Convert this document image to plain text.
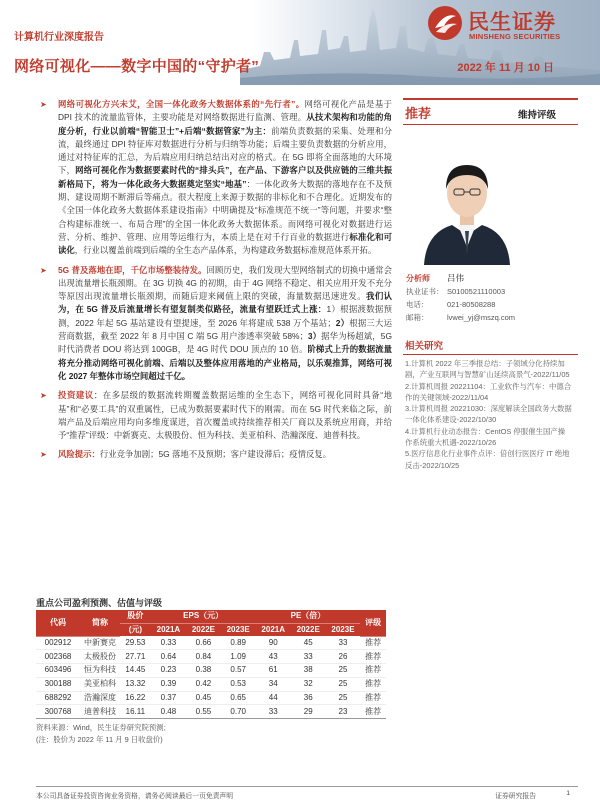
计算机行业深度报告
网络可视化——数字中国的“守护者”	2022 年 11 月 10 日
民生证券
MINSHENG SECURITIES
➤ 网络可视化方兴未艾，全国一体化政务大数据体系的“先行者”。网络可视化产品是基于 DPI 技术的流量监管体，主要功能是对网络数据进行监测、管理。从技术架构和功能的角度分析，行业以前端“智能卫士”+后端“数据管家”为主：前端负责数据的采集、处理和分流，最终通过 DPI 特征库对数据进行分析与归纳等功能；后端主要负责数据的分析应用，通过对特征库的汇总，为后端应用归纳总结出对应的格式。在 5G 即将全面落地的大环境下，网络可视化作为数据要素时代的“排头兵”，在产品、下游客户以及供应链的三维共振新格局下，将为一体化政务大数据奠定坚实“地基”：一体化政务大数据的落地存在不及预期、建设周期不断滞后等痛点。很大程度上来源于数据的非标化和不合理化。近期发布的《全国一体化政务大数据体系建设指南》中明确提及“标准规范不统一”等问题，并要求“整合构建标准统一、布局合理”的全国一体化政务大数据体系。而网络可视化对数据进行运营、分析、维护、管理、应用等运维行为，本质上是在对千行百业的数据进行标准化和可读化，行业以覆盖前端到后端的全生态产品体系，为构建政务数据标准规范体系开拓。
➤ 5G 普及落地在即，千亿市场整装待发。回顾历史，我们发现大型网络制式的切换中通常会出现流量增长瓶颈期。在 3G 切换 4G 的初期，由于 4G 网络不稳定、相关应用开发不充分等原因出现流量增长瓶颈期，而随后迎来阈值上限的突破，海量数据迅速迸发。我们认为，在 5G 普及后流量增长有望复制类似路径，流量有望跃迁式上涨：1）根据渡数据预测，2022 年起 5G 基站建设有望提速，至 2026 年将建成 538 万个基站；2）根据三大运营商数据，截至 2022 年 8 月中国 C 端 5G 用户渗透率突破 58%；3）据华为杨超斌，5G 时代消费者 DOU 将达到 100GB，是 4G 时代 DOU 顶点的 10 倍。阶梯式上升的数据流量将充分推动网络可视化前端、后端以及整体应用落地的产业格局，以乐观推算，网络可视化 2027 年整体市场空间超过千亿。
➤ 投资建议：在多层级的数据流转期覆盖数据运维的全生态下，网络可视化同时具备“地基”和“必要工具”的双重属性，已成为数据要素时代下的刚需。而在 5G 时代来临之际，前端产品及后端应用均向多维度谋进，首次覆盖或持续推荐相关厂商以及系统应用商，并给予“推荐”评级：中新赛克、太极股份、恒为科技、美亚柏科、浩瀚深度、迪普科技。
➤ 风险提示：行业竞争加剧；5G 落地不及预期；客户建设滞后；疫情反复。
推荐	维持评级
分析师 吕伟
执业证书： S0100521110003
电话： 021-80508288
邮箱： lvwei_yj@mszq.com
相关研究
1.计算机 2022 年三季报总结：子领域分化持续加剧，产业互联网与智慧矿山延续高景气-2022/11/05
2.计算机周报 20221104：工业软件与汽车：中德合作的关键领域-2022/11/04
3.计算机周报 20221030：深度解读全国政务大数据一体化体系建设-2022/10/30
4.计算机行业动态报告：CentOS 停服催生国产操作系统重大机遇-2022/10/26
5.医疗信息化行业事件点评：倍创行医医疗 IT 绝地反击-2022/10/25
重点公司盈利预测、估值与评级
代码	简称	股价	EPS（元）			PE（倍）			评级
		(元)	2021A	2022E	2023E	2021A	2022E	2023E	
002912	中新赛克	29.53	0.33	0.66	0.89	90	45	33	推荐
002368	太极股份	27.71	0.64	0.84	1.09	43	33	26	推荐
603496	恒为科技	14.45	0.23	0.38	0.57	61	38	25	推荐
300188	美亚柏科	13.32	0.39	0.42	0.53	34	32	25	推荐
688292	浩瀚深度	16.22	0.37	0.45	0.65	44	36	25	推荐
300768	迪普科技	16.11	0.48	0.55	0.70	33	29	23	推荐
资料来源：Wind，民生证券研究院预测;
(注：股价为 2022 年 11 月 9 日收盘价)
本公司具备证券投资咨询业务资格，请务必阅读最后一页免责声明	证券研究报告	1
